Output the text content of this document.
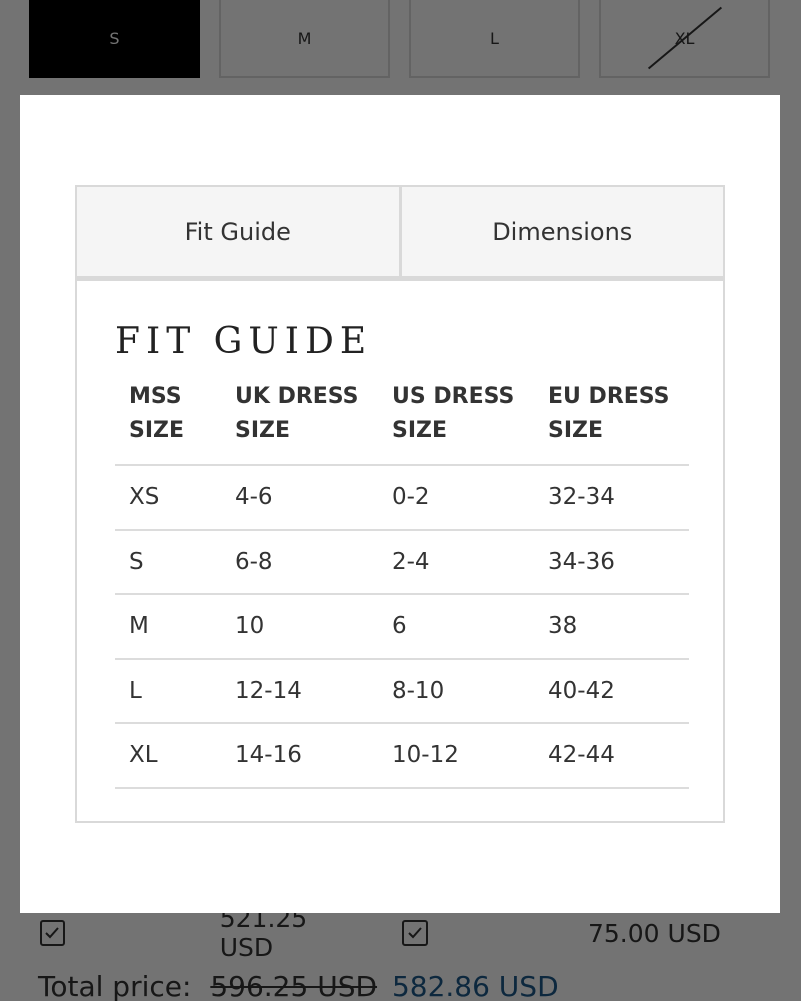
Fit Guide	Dimensions
FIT GUIDE
MSS SIZE	UK DRESS SIZE	US DRESS SIZE	EU DRESS SIZE
XS	4-6	0-2	32-34
S	6-8	2-4	34-36
M	10	6	38
L	12-14	8-10	40-42
XL	14-16	10-12	42-44
